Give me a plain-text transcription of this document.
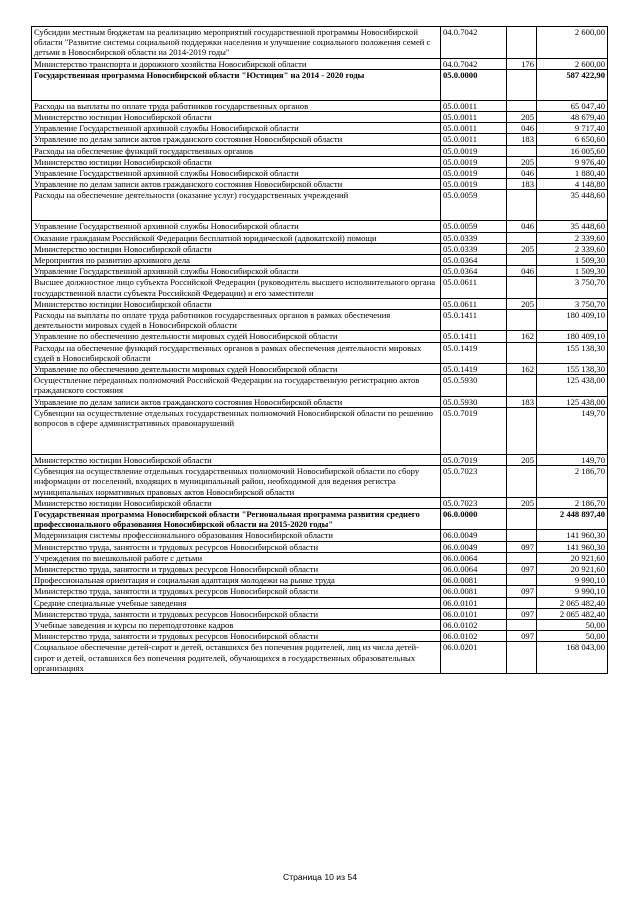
Субсидии местным бюджетам на реализацию мероприятий государственной программы Новосибирской области "Развитие системы социальной поддержки населения и улучшение социального положения семей с детьми в Новосибирской области на 2014-2019 годы"	04.0.7042		2 600,00
Министерство транспорта и дорожного хозяйства Новосибирской области	04.0.7042	176	2 600,00
Государственная программа Новосибирской области "Юстиция" на 2014 - 2020 годы	05.0.0000		587 422,90
Расходы на выплаты по оплате труда работников государственных органов	05.0.0011		65 047,40
Министерство юстиции Новосибирской области	05.0.0011	205	48 679,40
Управление Государственной архивной службы Новосибирской области	05.0.0011	046	9 717,40
Управление по делам записи актов гражданского состояния Новосибирской области	05.0.0011	183	6 650,60
Расходы на обеспечение функций государственных органов	05.0.0019		16 005,60
Министерство юстиции Новосибирской области	05.0.0019	205	9 976,40
Управление Государственной архивной службы Новосибирской области	05.0.0019	046	1 880,40
Управление по делам записи актов гражданского состояния Новосибирской области	05.0.0019	183	4 148,80
Расходы на обеспечение деятельности (оказание услуг) государственных учреждений	05.0.0059		35 448,60
Управление Государственной архивной службы Новосибирской области	05.0.0059	046	35 448,60
Оказание гражданам Российской Федерации бесплатной юридической (адвокатской) помощи	05.0.0339		2 339,60
Министерство юстиции Новосибирской области	05.0.0339	205	2 339,60
Мероприятия по развитию архивного дела	05.0.0364		1 509,30
Управление Государственной архивной службы Новосибирской области	05.0.0364	046	1 509,30
Высшее должностное лицо субъекта Российской Федерации (руководитель высшего исполнительного органа государственной власти субъекта Российской Федерации) и его заместители	05.0.0611		3 750,70
Министерство юстиции Новосибирской области	05.0.0611	205	3 750,70
Расходы на выплаты по оплате труда работников государственных органов в рамках обеспечения деятельности мировых судей в Новосибирской области	05.0.1411		180 409,10
Управление по обеспечению деятельности мировых судей Новосибирской области	05.0.1411	162	180 409,10
Расходы на обеспечение функций государственных органов в рамках обеспечения деятельности мировых судей в Новосибирской области	05.0.1419		155 138,30
Управление по обеспечению деятельности мировых судей Новосибирской области	05.0.1419	162	155 138,30
Осуществление переданных полномочий Российской Федерации на государственную регистрацию актов гражданского состояния	05.0.5930		125 438,00
Управление по делам записи актов гражданского состояния Новосибирской области	05.0.5930	183	125 438,00
Субвенции на осуществление отдельных государственных полномочий Новосибирской области по решению вопросов в сфере административных правонарушений	05.0.7019		149,70
Министерство юстиции Новосибирской области	05.0.7019	205	149,70
Субвенция на осуществление отдельных государственных полномочий Новосибирской области по сбору информации от поселений, входящих в муниципальный район, необходимой для ведения регистра муниципальных нормативных правовых актов Новосибирской области	05.0.7023		2 186,70
Министерство юстиции Новосибирской области	05.0.7023	205	2 186,70
Государственная программа Новосибирской области "Региональная программа развития среднего профессионального образования Новосибирской области на 2015-2020 годы"	06.0.0000		2 448 897,40
Модернизация системы профессионального образования Новосибирской области	06.0.0049		141 960,30
Министерство труда, занятости и трудовых ресурсов Новосибирской области	06.0.0049	097	141 960,30
Учреждения по внешкольной работе с детьми	06.0.0064		20 921,60
Министерство труда, занятости и трудовых ресурсов Новосибирской области	06.0.0064	097	20 921,60
Профессиональная ориентация и социальная адаптация молодежи на рынке труда	06.0.0081		9 990,10
Министерство труда, занятости и трудовых ресурсов Новосибирской области	06.0.0081	097	9 990,10
Средние специальные учебные заведения	06.0.0101		2 065 482,40
Министерство труда, занятости и трудовых ресурсов Новосибирской области	06.0.0101	097	2 065 482,40
Учебные заведения и курсы по переподготовке кадров	06.0.0102		50,00
Министерство труда, занятости и трудовых ресурсов Новосибирской области	06.0.0102	097	50,00
Социальное обеспечение детей-сирот и детей, оставшихся без попечения родителей, лиц из числа детей-сирот и детей, оставшихся без попечения родителей, обучающихся в государственных образовательных организациях	06.0.0201		168 043,00
Страница 10 из 54
